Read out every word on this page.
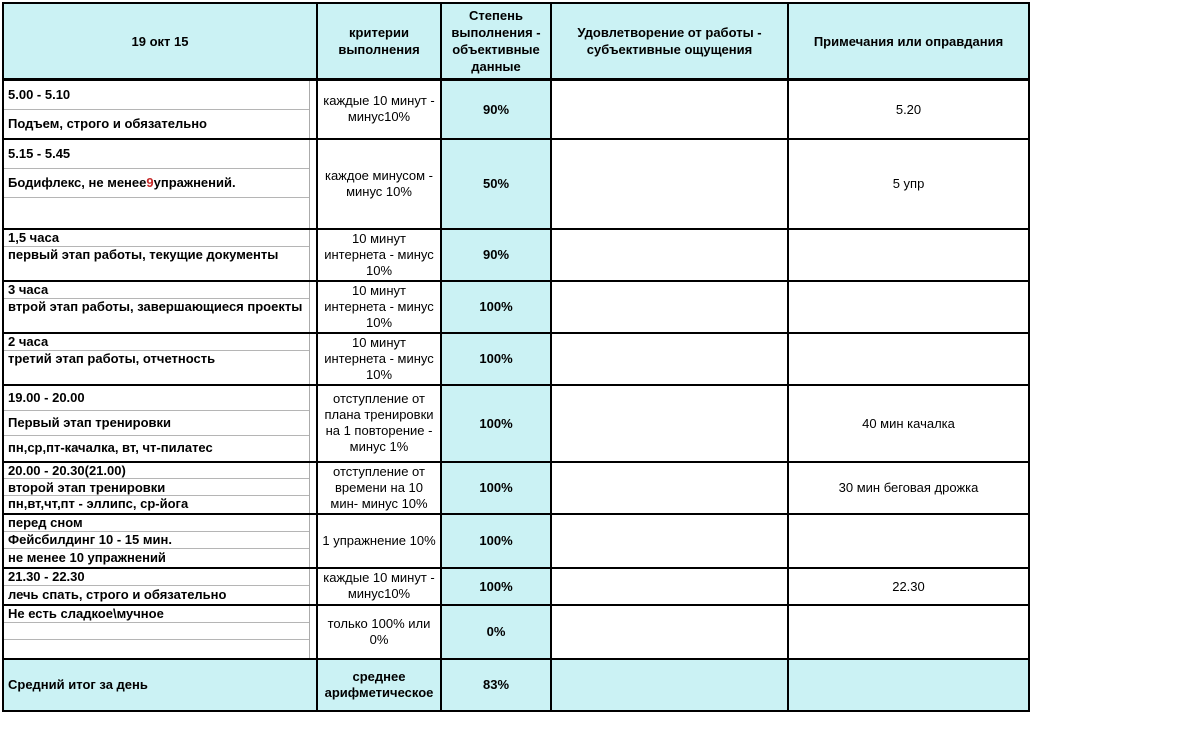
19 окт 15		критерии выполнения	Степень выполнения - объективные данные	Удовлетворение от работы - субъективные ощущения	Примечания или оправдания

5.00 - 5.10
Подъем, строго и обязательно		каждые 10 минут - минус10%	90%		5.20

5.15 - 5.45
Бодифлекс, не менее 9 упражнений.		каждое минусом - минус 10%	50%		5 упр

1,5 часа
первый этап работы, текущие документы		10 минут интернета - минус 10%	90%		

3 часа
втрой этап работы, завершающиеся проекты		10 минут интернета - минус 10%	100%		

2 часа
третий этап работы, отчетность		10 минут интернета - минус 10%	100%		

19.00 - 20.00
Первый этап тренировки
пн,ср,пт-качалка, вт, чт-пилатес		отступление от плана тренировки на 1 повторение - минус 1%	100%		40 мин качалка

20.00 - 20.30(21.00)
второй этап тренировки
пн,вт,чт,пт - эллипс, ср-йога		отступление от времени на 10 мин- минус 10%	100%		30 мин беговая дрожка

перед сном
Фейсбилдинг 10 - 15 мин.
не менее 10 упражнений		1 упражнение 10%	100%		

21.30 - 22.30
лечь спать, строго и обязательно		каждые 10 минут - минус10%	100%		22.30

Не есть сладкое\мучное		только 100% или 0%	0%		
Средний итог за день		среднее арифметическое	83%		
